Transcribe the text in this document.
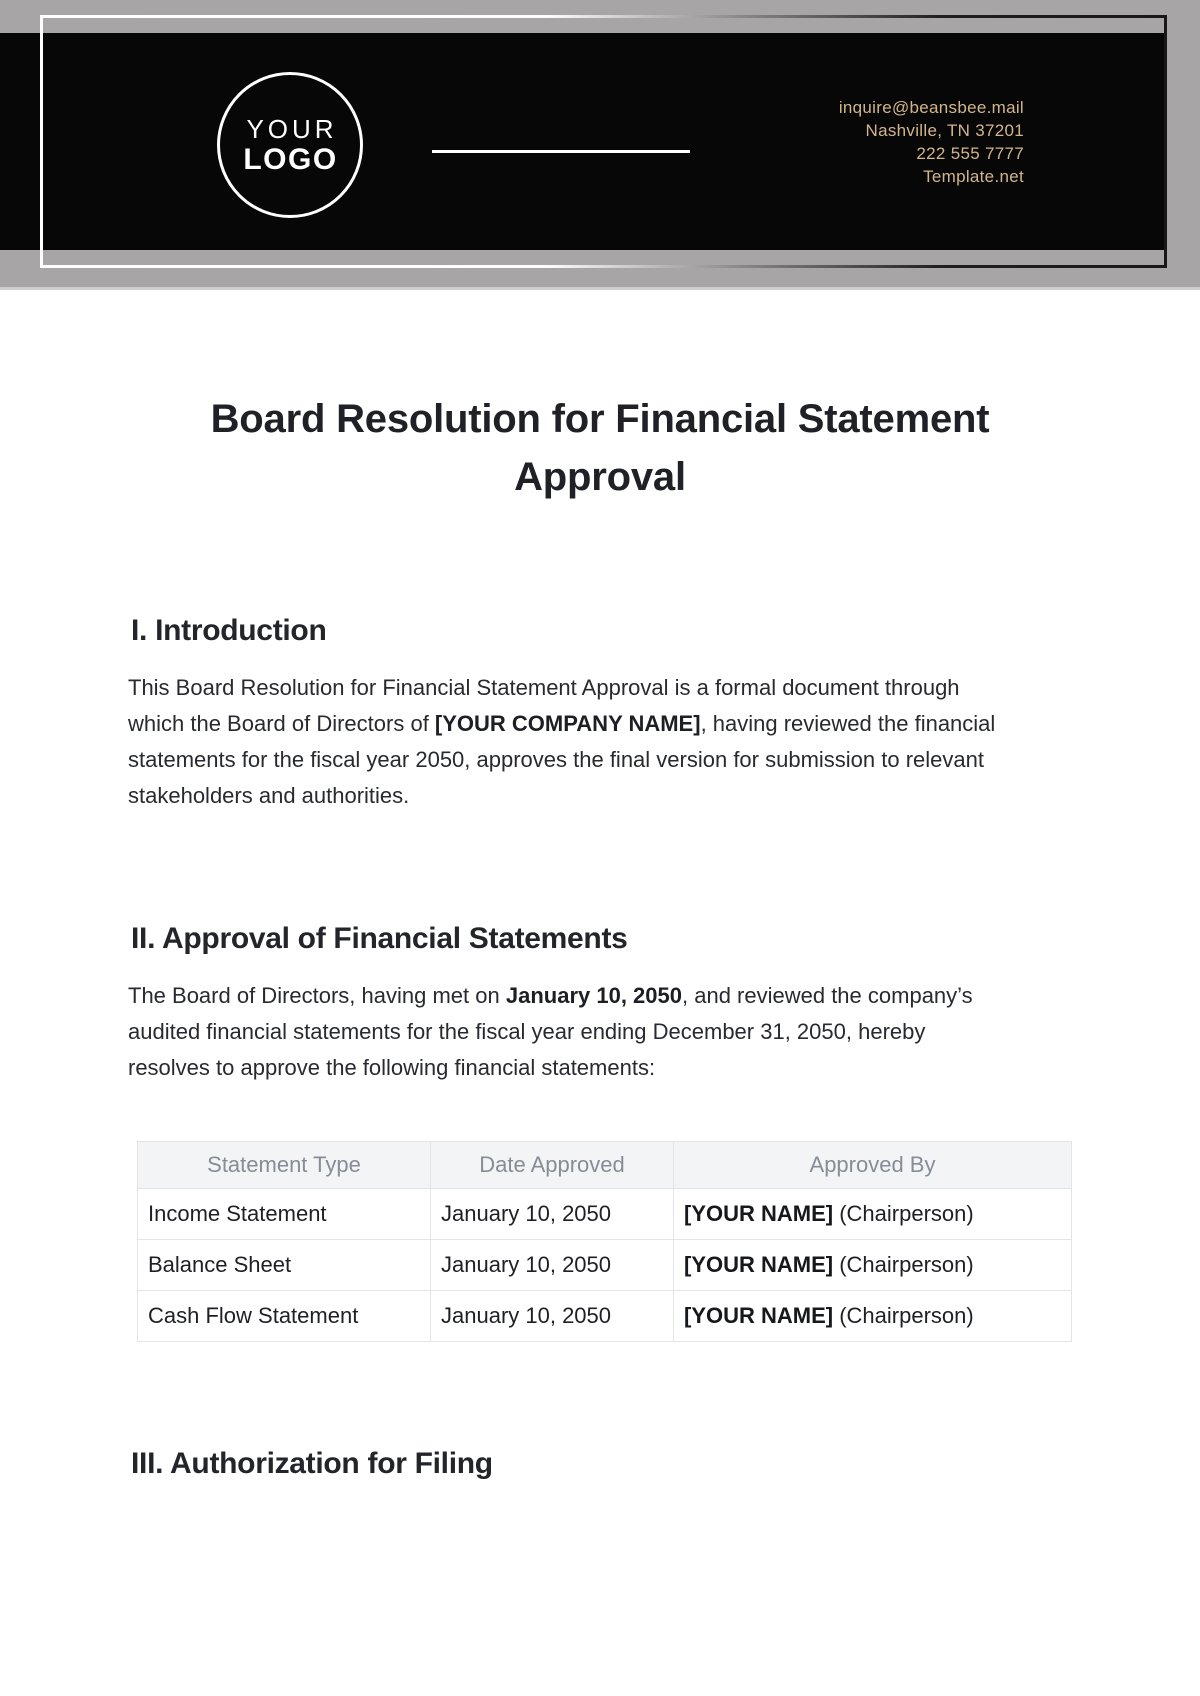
YOUR
LOGO
inquire@beansbee.mail
Nashville, TN 37201
222 555 7777
Template.net
Board Resolution for Financial Statement
Approval
I. Introduction
This Board Resolution for Financial Statement Approval is a formal document through
which the Board of Directors of [YOUR COMPANY NAME], having reviewed the financial
statements for the fiscal year 2050, approves the final version for submission to relevant
stakeholders and authorities.
II. Approval of Financial Statements
The Board of Directors, having met on January 10, 2050, and reviewed the company’s
audited financial statements for the fiscal year ending December 31, 2050, hereby
resolves to approve the following financial statements:
Statement Type	Date Approved	Approved By
Income Statement	January 10, 2050	[YOUR NAME] (Chairperson)
Balance Sheet	January 10, 2050	[YOUR NAME] (Chairperson)
Cash Flow Statement	January 10, 2050	[YOUR NAME] (Chairperson)
III. Authorization for Filing
